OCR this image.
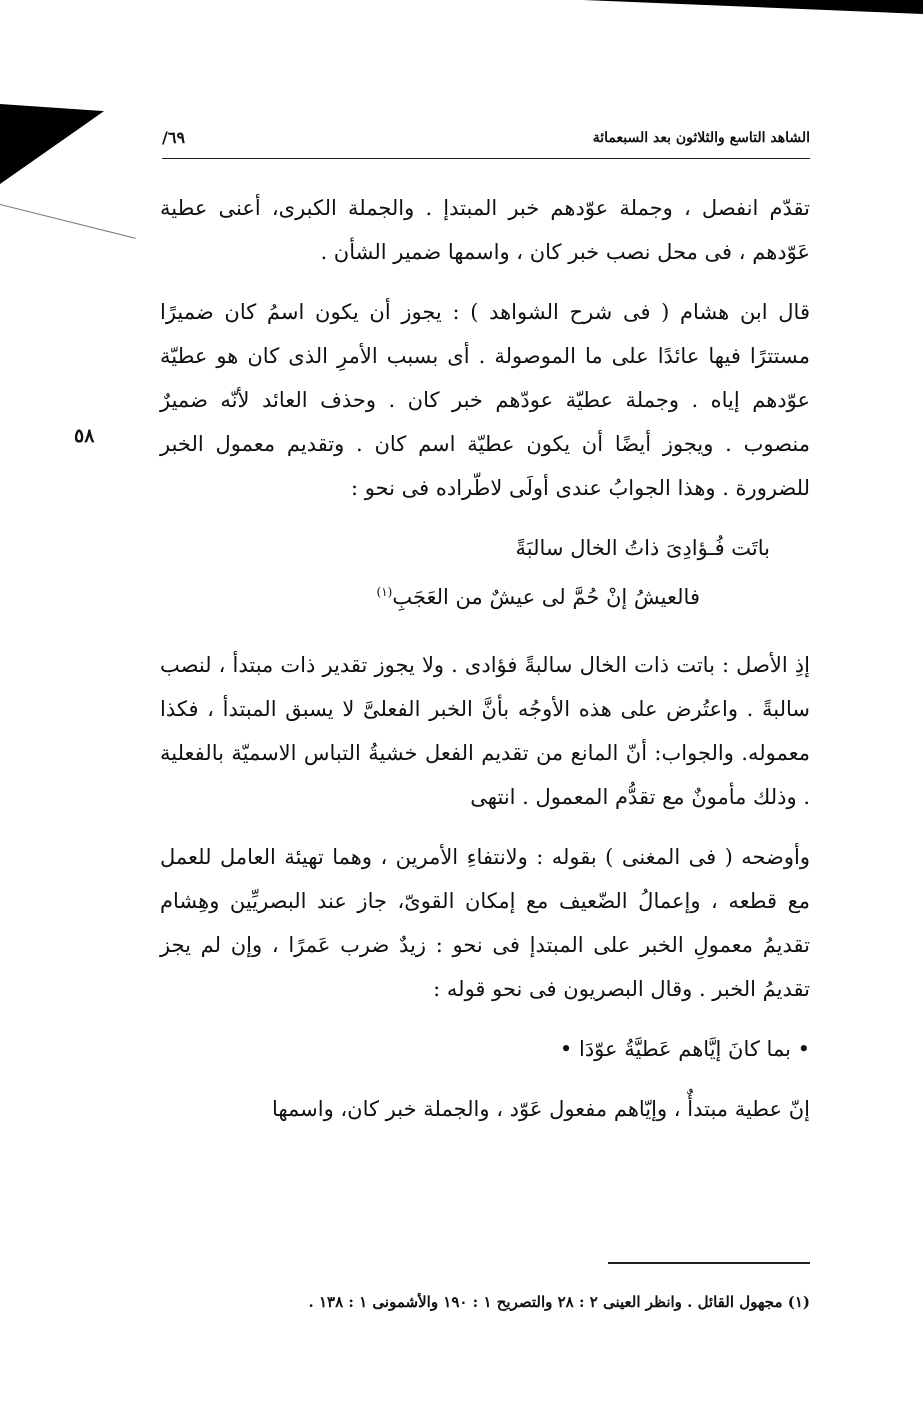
الشاهد التاسع والثلاثون بعد السبعمائة
٦٩/
٥٨

تقدّم انفصل ، وجملة عوّدهم خبر المبتدإ . والجملة الكبرى، أعنى عطية عَوّدهم ، فى محل نصب خبر كان ، واسمها ضمير الشأن .

قال ابن هشام ( فى شرح الشواهد ) : يجوز أن يكون اسمُ كان ضميرًا مستترًا فيها عائدًا على ما الموصولة . أى بسبب الأمرِ الذى كان هو عطيّة عوّدهم إياه . وجملة عطيّة عودّهم خبر كان . وحذف العائد لأنّه ضميرٌ منصوب . ويجوز أيضًا أن يكون عطيّة اسم كان . وتقديم معمول الخبر للضرورة . وهذا الجوابُ عندى أولَى لاطّراده فى نحو :

باتَت فُـؤادِىَ ذاتُ الخال سالبَةً
فالعيشُ إنْ حُمَّ لى عيشٌ من العَجَبِ$^{(١)}$

إذِ الأصل : باتت ذات الخال سالبةً فؤادى . ولا يجوز تقدير ذات مبتدأ ، لنصب سالبةً . واعتُرض على هذه الأوجُه بأنَّ الخبر الفعلىَّ لا يسبق المبتدأ ، فكذا معموله. والجواب: أنّ المانع من تقديم الفعل خشيةُ التباس الاسميّة بالفعلية . وذلك مأمونٌ مع تقدُّم المعمول . انتهى

وأوضحه ( فى المغنى ) بقوله : ولانتفاءِ الأمرين ، وهما تهيئة العامل للعمل مع قطعه ، وإعمالُ الضّعيف مع إمكان القوىّ، جاز عند البصريِّين وهِشام تقديمُ معمولِ الخبر على المبتدإ فى نحو : زيدٌ ضرب عَمرًا ، وإن لم يجز تقديمُ الخبر . وقال البصريون فى نحو قوله :

• بما كانَ إيَّاهم عَطيَّةُ عوّدَا •

إنّ عطية مبتدأٌ ، وإيّاهم مفعول عَوّد ، والجملة خبر كان، واسمها

(١) مجهول القائل . وانظر العينى ٢ : ٢٨ والتصريح ١ : ١٩٠ والأشمونى ١ : ١٣٨ .
